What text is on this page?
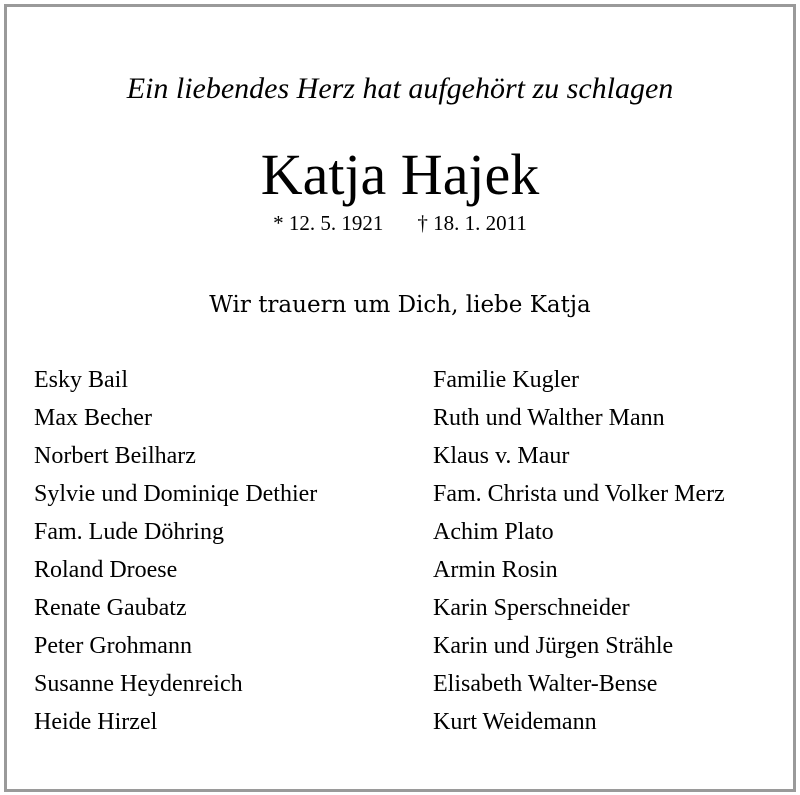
Ein liebendes Herz hat aufgehört zu schlagen
Katja Hajek
* 12. 5. 1921 † 18. 1. 2011
Wir trauern um Dich, liebe Katja
Esky Bail
Max Becher
Norbert Beilharz
Sylvie und Dominiqe Dethier
Fam. Lude Döhring
Roland Droese
Renate Gaubatz
Peter Grohmann
Susanne Heydenreich
Heide Hirzel
Familie Kugler
Ruth und Walther Mann
Klaus v. Maur
Fam. Christa und Volker Merz
Achim Plato
Armin Rosin
Karin Sperschneider
Karin und Jürgen Strähle
Elisabeth Walter-Bense
Kurt Weidemann
